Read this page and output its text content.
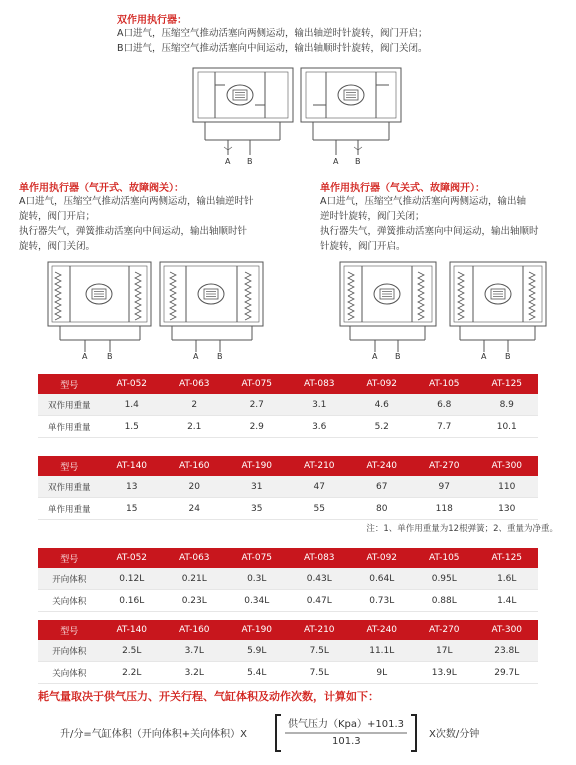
双作用执行器：
A口进气，压缩空气推动活塞向两侧运动，输出轴逆时针旋转，阀门开启；
B口进气，压缩空气推动活塞向中间运动，输出轴顺时针旋转，阀门关闭。
A B	A B
A B	A B	A B	A B
单作用执行器（气开式、故障阀关）：
A口进气，压缩空气推动活塞向两侧运动，输出轴逆时针
旋转，阀门开启；
执行器失气，弹簧推动活塞向中间运动，输出轴顺时针
旋转，阀门关闭。
单作用执行器（气关式、故障阀开）：
A口进气，压缩空气推动活塞向两侧运动，输出轴
逆时针旋转，阀门关闭；
执行器失气，弹簧推动活塞向中间运动，输出轴顺时
针旋转，阀门开启。
型号	AT-052	AT-063	AT-075	AT-083	AT-092	AT-105	AT-125
双作用重量	1.4	2	2.7	3.1	4.6	6.8	8.9
单作用重量	1.5	2.1	2.9	3.6	5.2	7.7	10.1
型号	AT-140	AT-160	AT-190	AT-210	AT-240	AT-270	AT-300
双作用重量	13	20	31	47	67	97	110
单作用重量	15	24	35	55	80	118	130
注：1、单作用重量为12根弹簧；2、重量为净重。
型号	AT-052	AT-063	AT-075	AT-083	AT-092	AT-105	AT-125
开向体积	0.12L	0.21L	0.3L	0.43L	0.64L	0.95L	1.6L
关向体积	0.16L	0.23L	0.34L	0.47L	0.73L	0.88L	1.4L
型号	AT-140	AT-160	AT-190	AT-210	AT-240	AT-270	AT-300
开向体积	2.5L	3.7L	5.9L	7.5L	11.1L	17L	23.8L
关向体积	2.2L	3.2L	5.4L	7.5L	9L	13.9L	29.7L
耗气量取决于供气压力、开关行程、气缸体积及动作次数，计算如下：
升/分=气缸体积（开向体积+关向体积）X
供气压力（Kpa）+101.3
101.3
X次数/分钟
